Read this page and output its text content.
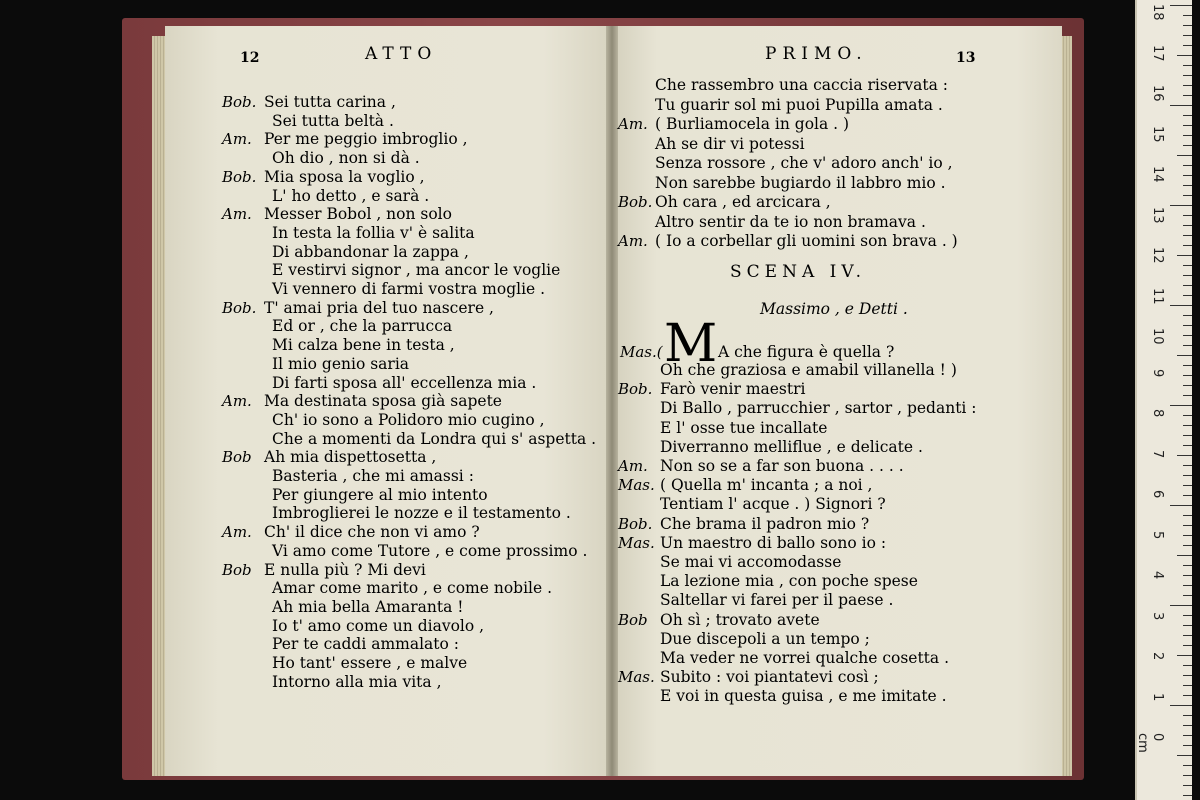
12	ATTO
Bob. Sei tutta carina ,
Sei tutta beltà .
Am. Per me peggio imbroglio ,
Oh dio , non si dà .
Bob. Mia sposa la voglio ,
L' ho detto , e sarà .
Am. Messer Bobol , non solo
In testa la follia v' è salita
Di abbandonar la zappa ,
E vestirvi signor , ma ancor le voglie
Vi vennero di farmi vostra moglie .
Bob. T' amai pria del tuo nascere ,
Ed or , che la parrucca
Mi calza bene in testa ,
Il mio genio saria
Di farti sposa all' eccellenza mia .
Am. Ma destinata sposa già sapete
Ch' io sono a Polidoro mio cugino ,
Che a momenti da Londra qui s' aspetta .
Bob Ah mia dispettosetta ,
Basteria , che mi amassi :
Per giungere al mio intento
Imbroglierei le nozze e il testamento .
Am. Ch' il dice che non vi amo ?
Vi amo come Tutore , e come prossimo .
Bob E nulla più ? Mi devi
Amar come marito , e come nobile .
Ah mia bella Amaranta !
Io t' amo come un diavolo ,
Per te caddi ammalato :
Ho tant' essere , e malve
Intorno alla mia vita ,
PRIMO.	13
Che rassembro una caccia riservata :
Tu guarir sol mi puoi Pupilla amata .
Am. ( Burliamocela in gola . )
Ah se dir vi potessi
Senza rossore , che v' adoro anch' io ,
Non sarebbe bugiardo il labbro mio .
Bob. Oh cara , ed arcicara ,
Altro sentir da te io non bramava .
Am. ( Io a corbellar gli uomini son brava . )
Oh che graziosa e amabil villanella ! )
Bob. Farò venir maestri
Di Ballo , parrucchier , sartor , pedanti :
E l' osse tue incallate
Diverranno melliflue , e delicate .
Am. Non so se a far son buona . . . .
Mas. ( Quella m' incanta ; a noi ,
Tentiam l' acque . ) Signori ?
Bob. Che brama il padron mio ?
Mas. Un maestro di ballo sono io :
Se mai vi accomodasse
La lezione mia , con poche spese
Saltellar vi farei per il paese .
Bob Oh sì ; trovato avete
Due discepoli a un tempo ;
Ma veder ne vorrei qualche cosetta .
Mas. Subito : voi piantatevi così ;
E voi in questa guisa , e me imitate .
SCENA IV.
Massimo , e Detti .
Mas.( M A che figura è quella ?
18
17
16
15
14
13
12
11
10
9
8
7
6
5
4
3
2
1
0 cm
